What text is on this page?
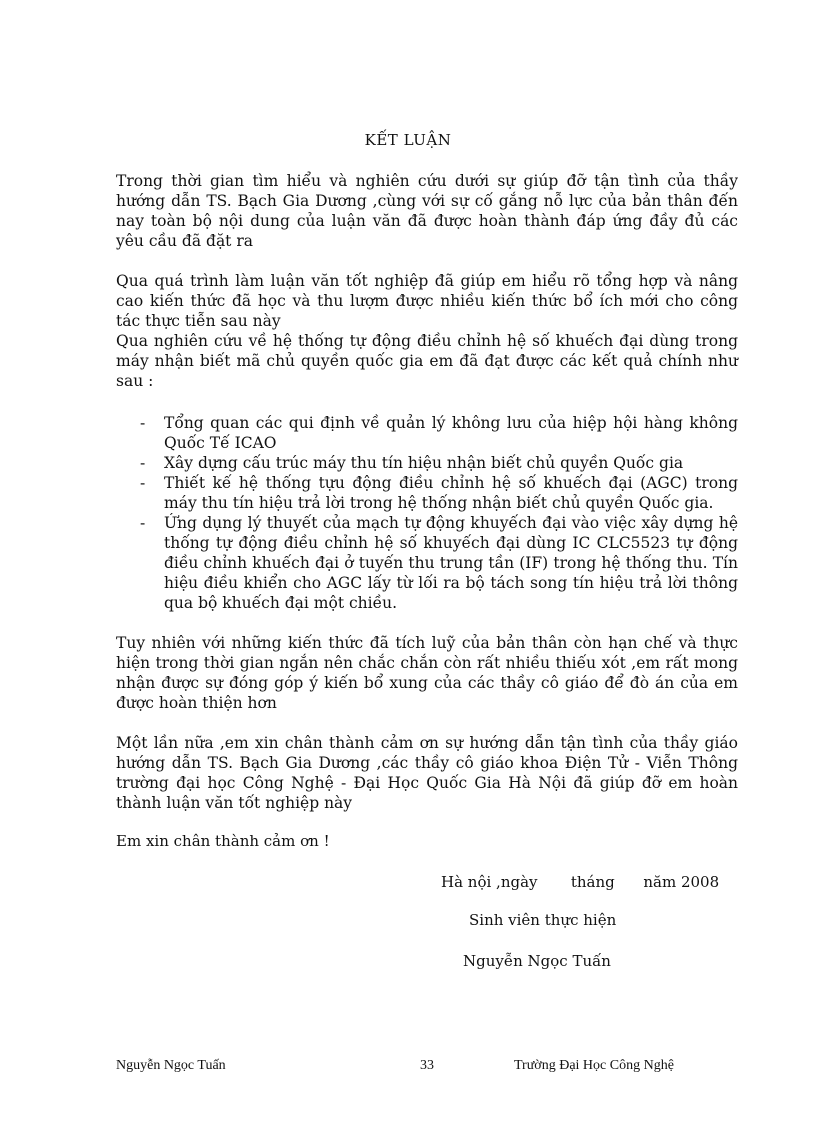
KẾT LUẬN

Trong thời gian tìm hiểu và nghiên cứu dưới sự giúp đỡ tận tình của thầy hướng dẫn TS. Bạch Gia Dương ,cùng với sự cố gắng nỗ lực của bản thân đến nay toàn bộ nội dung của luận văn đã được hoàn thành đáp ứng đầy đủ các yêu cầu đã đặt ra

Qua quá trình làm luận văn tốt nghiệp đã giúp em hiểu rõ tổng hợp và nâng cao kiến thức đã học và thu lượm được nhiều kiến thức bổ ích mới cho công tác thực tiễn sau này

Qua nghiên cứu về hệ thống tự động điều chỉnh hệ số khuếch đại dùng trong máy nhận biết mã chủ quyền quốc gia em đã đạt được các kết quả chính như sau :

- Tổng quan các qui định về quản lý không lưu của hiệp hội hàng không Quốc Tế ICAO
- Xây dựng cấu trúc máy thu tín hiệu nhận biết chủ quyền Quốc gia
- Thiết kế hệ thống tựu động điều chỉnh hệ số khuếch đại (AGC) trong máy thu tín hiệu trả lời trong hệ thống nhận biết chủ quyền Quốc gia.
- Ứng dụng lý thuyết của mạch tự động khuyếch đại vào việc xây dựng hệ thống tự động điều chỉnh hệ số khuyếch đại dùng IC CLC5523 tự động điều chỉnh khuếch đại ở tuyến thu trung tần (IF) trong hệ thống thu. Tín hiệu điều khiển cho AGC lấy từ lối ra bộ tách song tín hiệu trả lời thông qua bộ khuếch đại một chiều.

Tuy nhiên với những kiến thức đã tích luỹ của bản thân còn hạn chế và thực hiện trong thời gian ngắn nên chắc chắn còn rất nhiều thiếu xót ,em rất mong nhận được sự đóng góp ý kiến bổ xung của các thầy cô giáo để đò án của em được hoàn thiện hơn

Một lần nữa ,em xin chân thành cảm ơn sự hướng dẫn tận tình của thầy giáo hướng dẫn TS. Bạch Gia Dương ,các thầy cô giáo khoa Điện Tử - Viễn Thông trường đại học Công Nghệ - Đại Học Quốc Gia Hà Nội đã giúp đỡ em hoàn thành luận văn tốt nghiệp này

Em xin chân thành cảm ơn !
Hà nội ,ngày       tháng      năm 2008
Sinh viên thực hiện
Nguyễn Ngọc Tuấn
Nguyễn Ngọc Tuấn	33	Trường Đại Học Công Nghệ
